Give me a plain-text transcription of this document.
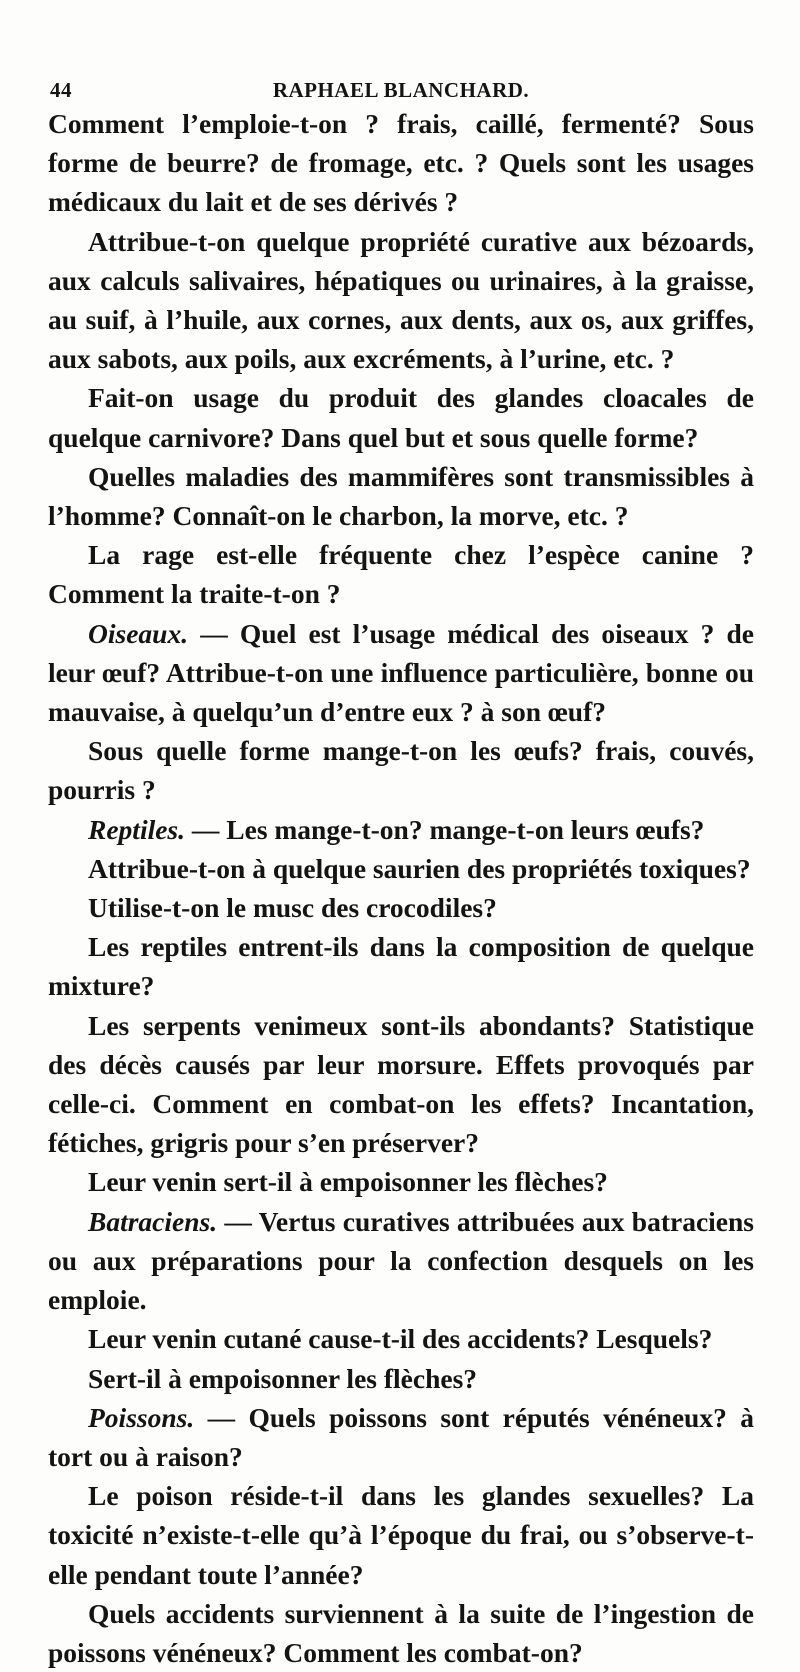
44	RAPHAEL BLANCHARD.

Comment l’emploie-t-on ? frais, caillé, fermenté? Sous forme de beurre? de fromage, etc. ? Quels sont les usages médicaux du lait et de ses dérivés ?

Attribue-t-on quelque propriété curative aux bézoards, aux calculs salivaires, hépatiques ou urinaires, à la graisse, au suif, à l’huile, aux cornes, aux dents, aux os, aux griffes, aux sabots, aux poils, aux excréments, à l’urine, etc. ?

Fait-on usage du produit des glandes cloacales de quelque carnivore? Dans quel but et sous quelle forme?

Quelles maladies des mammifères sont transmissibles à l’homme? Connaît-on le charbon, la morve, etc. ?

La rage est-elle fréquente chez l’espèce canine ? Comment la traite-t-on ?

Oiseaux. — Quel est l’usage médical des oiseaux ? de leur œuf? Attribue-t-on une influence particulière, bonne ou mauvaise, à quelqu’un d’entre eux ? à son œuf?

Sous quelle forme mange-t-on les œufs? frais, couvés, pourris ?

Reptiles. — Les mange-t-on? mange-t-on leurs œufs?

Attribue-t-on à quelque saurien des propriétés toxiques?

Utilise-t-on le musc des crocodiles?

Les reptiles entrent-ils dans la composition de quelque mixture?

Les serpents venimeux sont-ils abondants? Statistique des décès causés par leur morsure. Effets provoqués par celle-ci. Comment en combat-on les effets? Incantation, fétiches, grigris pour s’en préserver?

Leur venin sert-il à empoisonner les flèches?

Batraciens. — Vertus curatives attribuées aux batraciens ou aux préparations pour la confection desquels on les emploie.

Leur venin cutané cause-t-il des accidents? Lesquels?

Sert-il à empoisonner les flèches?

Poissons. — Quels poissons sont réputés vénéneux? à tort ou à raison?

Le poison réside-t-il dans les glandes sexuelles? La toxicité n’existe-t-elle qu’à l’époque du frai, ou s’observe-t-elle pendant toute l’année?

Quels accidents surviennent à la suite de l’ingestion de poissons vénéneux? Comment les combat-on?
